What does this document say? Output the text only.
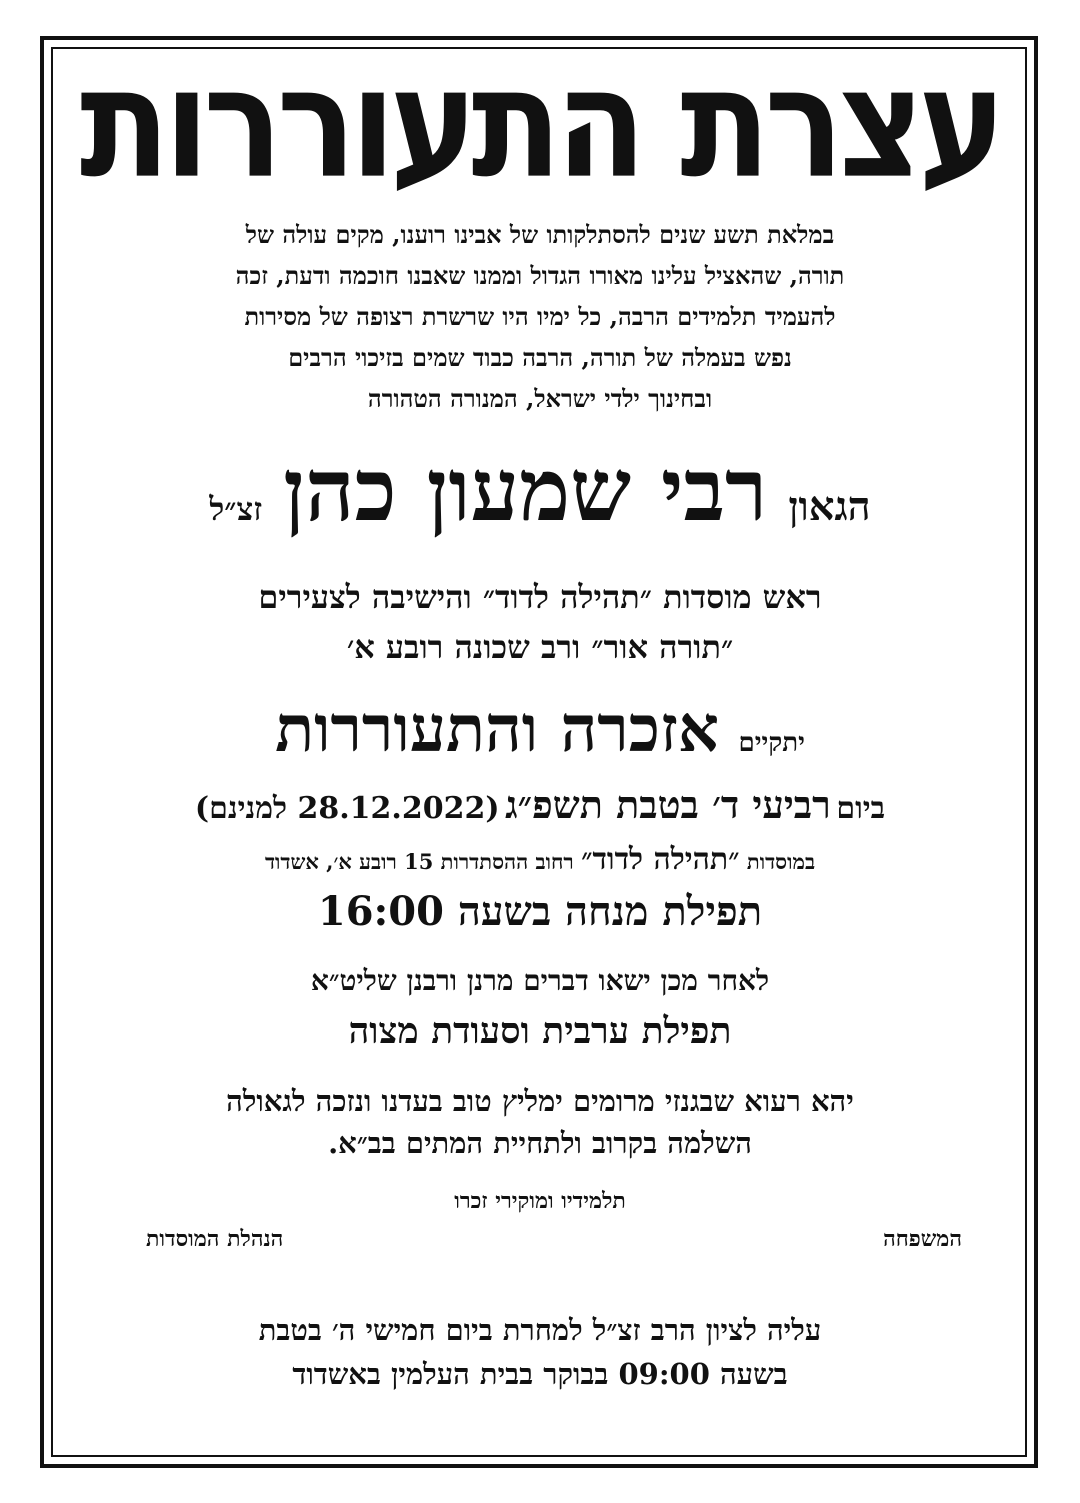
עצרת התעוררות
במלאת תשע שנים להסתלקותו של אבינו רוענו, מקים עולה של
תורה, שהאציל עלינו מאורו הגדול וממנו שאבנו חוכמה ודעת, זכה
להעמיד תלמידים הרבה, כל ימיו היו שרשרת רצופה של מסירות
נפש בעמלה של תורה, הרבה כבוד שמים בזיכוי הרבים
ובחינוך ילדי ישראל, המנורה הטהורה
הגאון רבי שמעון כהן זצ״ל
ראש מוסדות ״תהילה לדוד״ והישיבה לצעירים
״תורה אור״ ורב שכונה רובע א׳
יתקיים אזכרה והתעוררות
ביום רביעי ד׳ בטבת תשפ״ג (28.12.2022 למנינם)
במוסדות ״תהילה לדוד״ רחוב ההסתדרות 15 רובע א׳, אשדוד
תפילת מנחה בשעה 16:00
לאחר מכן ישאו דברים מרנן ורבנן שליט״א
תפילת ערבית וסעודת מצוה
יהא רעוא שבגנזי מרומים ימליץ טוב בעדנו ונזכה לגאולה
השלמה בקרוב ולתחיית המתים בב״א.
תלמידיו ומוקירי זכרו
המשפחה
הנהלת המוסדות
עליה לציון הרב זצ״ל למחרת ביום חמישי ה׳ בטבת
בשעה 09:00 בבוקר בבית העלמין באשדוד
